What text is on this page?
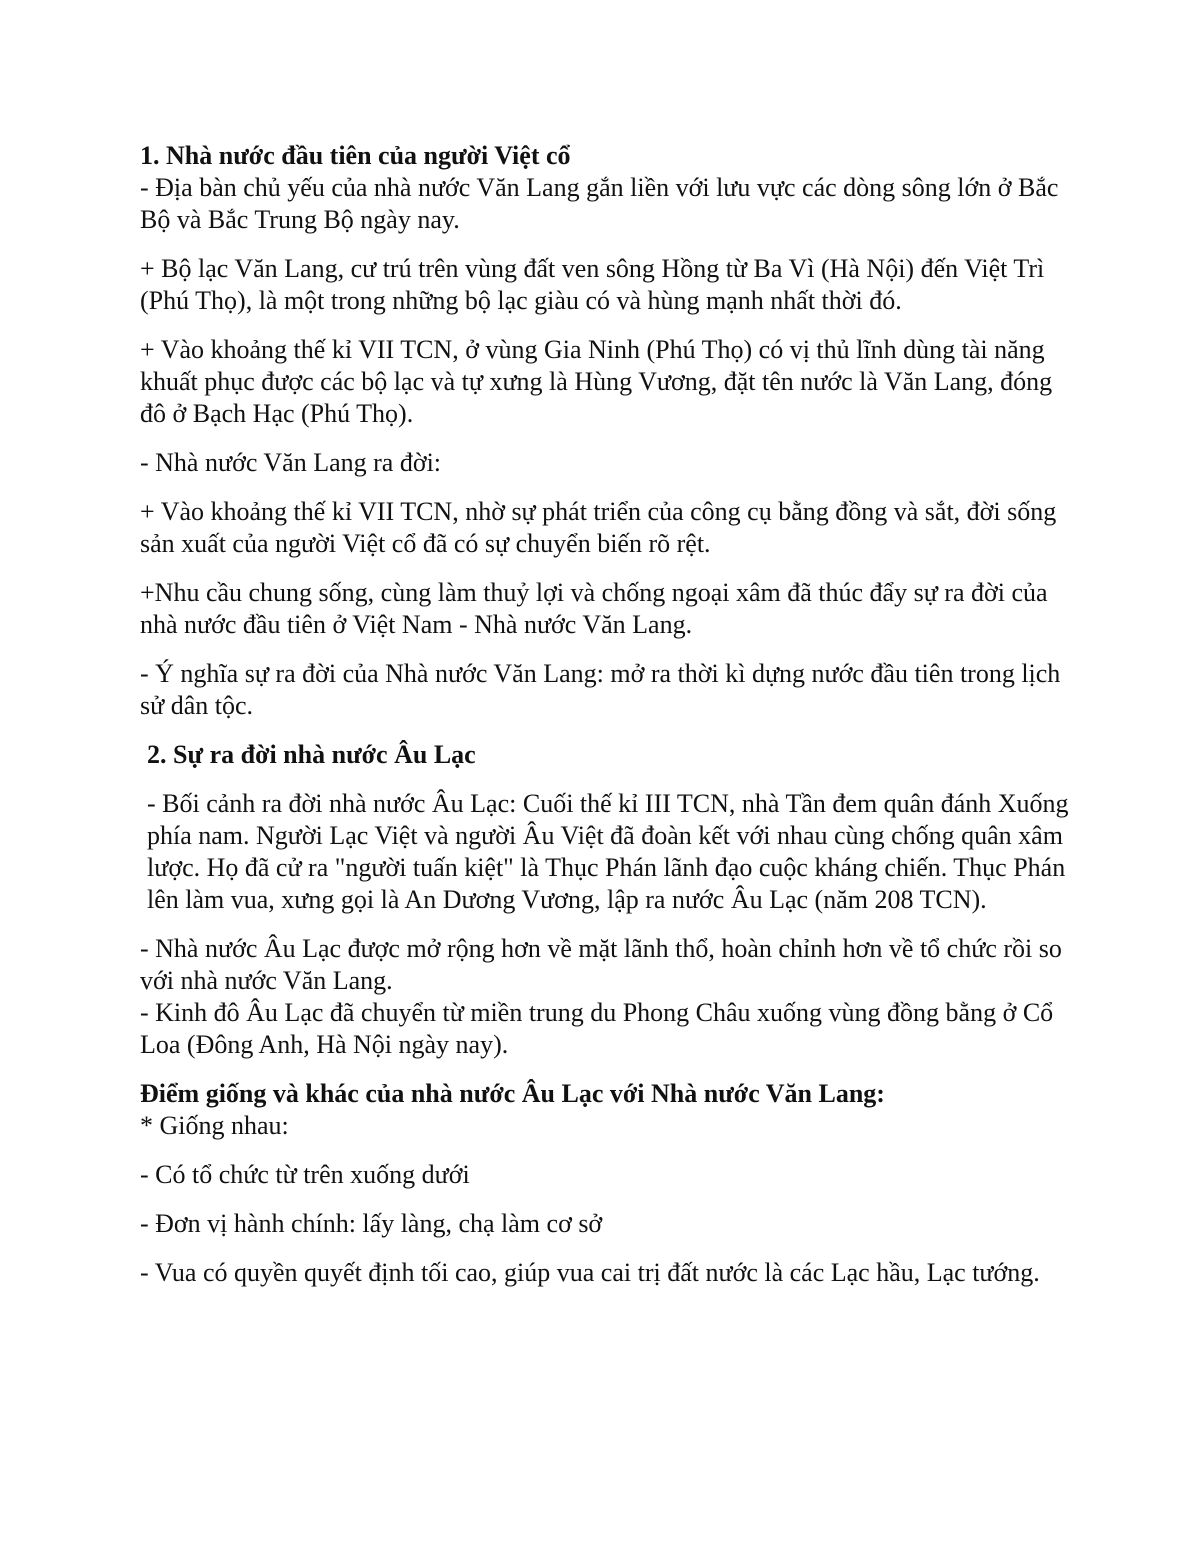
1. Nhà nước đầu tiên của người Việt cổ
- Địa bàn chủ yếu của nhà nước Văn Lang gắn liền với lưu vực các dòng sông lớn ở Bắc Bộ và Bắc Trung Bộ ngày nay.
+ Bộ lạc Văn Lang, cư trú trên vùng đất ven sông Hồng từ Ba Vì (Hà Nội) đến Việt Trì (Phú Thọ), là một trong những bộ lạc giàu có và hùng mạnh nhất thời đó.
+ Vào khoảng thế kỉ VII TCN, ở vùng Gia Ninh (Phú Thọ) có vị thủ lĩnh dùng tài năng khuất phục được các bộ lạc và tự xưng là Hùng Vương, đặt tên nước là Văn Lang, đóng đô ở Bạch Hạc (Phú Thọ).
- Nhà nước Văn Lang ra đời:
+ Vào khoảng thế kỉ VII TCN, nhờ sự phát triển của công cụ bằng đồng và sắt, đời sống sản xuất của người Việt cổ đã có sự chuyển biến rõ rệt.
+Nhu cầu chung sống, cùng làm thuỷ lợi và chống ngoại xâm đã thúc đẩy sự ra đời của nhà nước đầu tiên ở Việt Nam - Nhà nước Văn Lang.
- Ý nghĩa sự ra đời của Nhà nước Văn Lang: mở ra thời kì dựng nước đầu tiên trong lịch sử dân tộc.
2. Sự ra đời nhà nước Âu Lạc
- Bối cảnh ra đời nhà nước Âu Lạc: Cuối thế kỉ III TCN, nhà Tần đem quân đánh Xuống phía nam. Người Lạc Việt và người Âu Việt đã đoàn kết với nhau cùng chống quân xâm lược. Họ đã cử ra "người tuấn kiệt" là Thục Phán lãnh đạo cuộc kháng chiến. Thục Phán lên làm vua, xưng gọi là An Dương Vương, lập ra nước Âu Lạc (năm 208 TCN).
- Nhà nước Âu Lạc được mở rộng hơn về mặt lãnh thổ, hoàn chỉnh hơn về tổ chức rồi so với nhà nước Văn Lang.
- Kinh đô Âu Lạc đã chuyển từ miền trung du Phong Châu xuống vùng đồng bằng ở Cổ Loa (Đông Anh, Hà Nội ngày nay).
Điểm giống và khác của nhà nước Âu Lạc với Nhà nước Văn Lang:
* Giống nhau:
- Có tổ chức từ trên xuống dưới
- Đơn vị hành chính: lấy làng, chạ làm cơ sở
- Vua có quyền quyết định tối cao, giúp vua cai trị đất nước là các Lạc hầu, Lạc tướng.
